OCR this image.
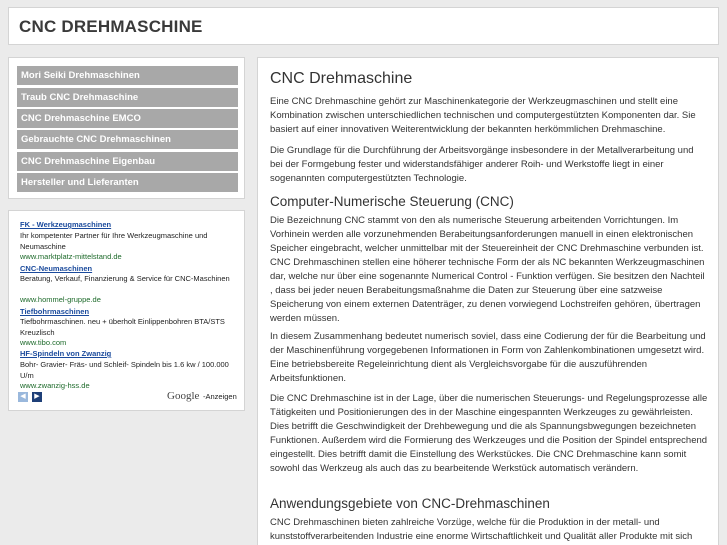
CNC DREHMASCHINE
Mori Seiki Drehmaschinen
Traub CNC Drehmaschine
CNC Drehmaschine EMCO
Gebrauchte CNC Drehmaschinen
CNC Drehmaschine Eigenbau
Hersteller und Lieferanten
FK - Werkzeugmaschinen
Ihr kompetenter Partner für Ihre Werkzeugmaschine und Neumaschine
www.marktplatz-mittelstand.de
CNC-Neumaschinen
Beratung, Verkauf, Finanzierung & Service für CNC-Maschinen
www.hommel-gruppe.de
Tiefbohrmaschinen
Tiefbohrmaschinen. neu + überholt Einlippenbohren BTA/STS Kreuzlisch
www.tibo.com
HF-Spindeln von Zwanzig
Bohr- Gravier- Fräs- und Schleif- Spindeln bis 1.6 kw / 100.000 U/m
www.zwanzig-hss.de
◀	▶	Google -Anzeigen
CNC Drehmaschine
Eine CNC Drehmaschine gehört zur Maschinenkategorie der Werkzeugmaschinen und stellt eine Kombination zwischen unterschiedlichen technischen und computergestützten Komponenten dar. Sie basiert auf einer innovativen Weiterentwicklung der bekannten herkömmlichen Drehmaschine.
Die Grundlage für die Durchführung der Arbeitsvorgänge insbesondere in der Metallverarbeitung und bei der Formgebung fester und widerstandsfähiger anderer Roih- und Werkstoffe liegt in einer sogenannten computergestützten Technologie.
Computer-Numerische Steuerung (CNC)
Die Bezeichnung CNC stammt von den als numerische Steuerung arbeitenden Vorrichtungen. Im Vorhinein werden alle vorzunehmenden Berabeitungsanforderungen manuell in einen elektronischen Speicher eingebracht, welcher unmittelbar mit der Steuereinheit der CNC Drehmaschine verbunden ist. CNC Drehmaschinen stellen eine höherer technische Form der als NC bekannten Werkzeugmaschinen dar, welche nur über eine sogenannte Numerical Control - Funktion verfügen. Sie besitzen den Nachteil , dass bei jeder neuen Berabeitungsmaßnahme die Daten zur Steuerung über eine satzweise Speicherung von einem externen Datenträger, zu denen vorwiegend Lochstreifen gehören, übertragen werden müssen.
In diesem Zusammenhang bedeutet numerisch soviel, dass eine Codierung der für die Bearbeitung und der Maschinenführung vorgegebenen Informationen in Form von Zahlenkombinationen umgesetzt wird. Eine betriebsbereite Regeleinrichtung dient als Vergleichsvorgabe für die auszuführenden Arbeitsfunktionen.
Die CNC Drehmaschine ist in der Lage, über die numerischen Steuerungs- und Regelungsprozesse alle Tätigkeiten und Positionierungen des in der Maschine eingespannten Werkzeuges zu gewährleisten. Dies betrifft die Geschwindigkeit der Drehbewegung und die als Spannungsbwegungen bezeichneten Funktionen. Außerdem wird die Formierung des Werkzeuges und die Position der Spindel entsprechend eingestellt. Dies betrifft damit die Einstellung des Werkstückes. Die CNC Drehmaschine kann somit sowohl das Werkzeug als auch das zu bearbeitende Werkstück automatisch verändern.
Anwendungsgebiete von CNC-Drehmaschinen
CNC Drehmaschinen bieten zahlreiche Vorzüge, welche für die Produktion in der metall- und kunststoffverarbeitenden Industrie eine enorme Wirtschaftlichkeit und Qualität aller Produkte mit sich
